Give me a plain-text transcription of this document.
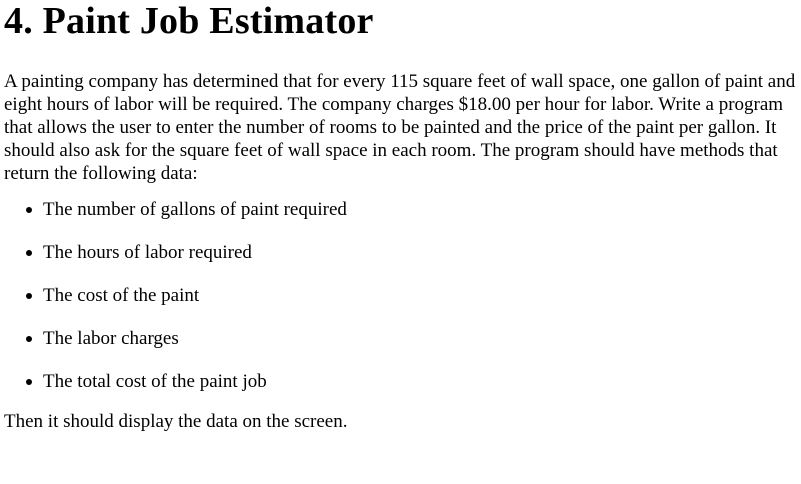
4. Paint Job Estimator

A painting company has determined that for every 115 square feet of wall space, one gallon of paint and eight hours of labor will be required. The company charges $18.00 per hour for labor. Write a program that allows the user to enter the number of rooms to be painted and the price of the paint per gallon. It should also ask for the square feet of wall space in each room. The program should have methods that return the following data:

The number of gallons of paint required
The hours of labor required
The cost of the paint
The labor charges
The total cost of the paint job

Then it should display the data on the screen.
